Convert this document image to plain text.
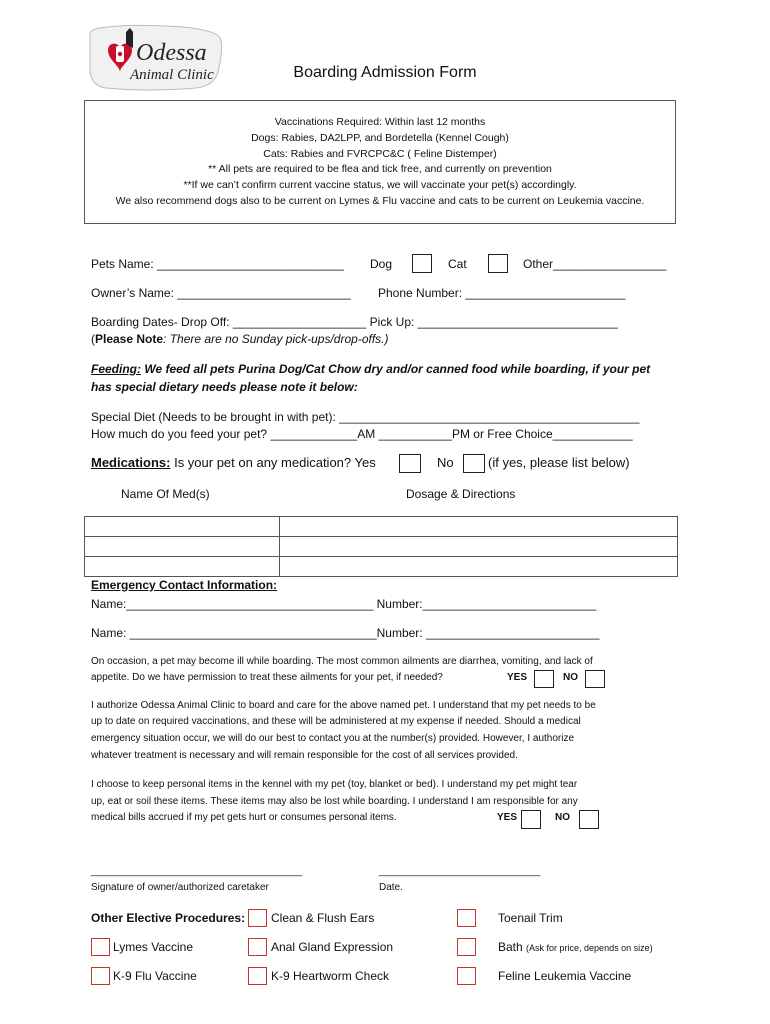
Odessa
Animal Clinic	Boarding Admission Form
Vaccinations Required: Within last 12 months
Dogs: Rabies, DA2LPP, and Bordetella (Kennel Cough)
Cats: Rabies and FVRCPC&C ( Feline Distemper)
** All pets are required to be flea and tick free, and currently on prevention
**If we can’t confirm current vaccine status, we will vaccinate your pet(s) accordingly.
We also recommend dogs also to be current on Lymes & Flu vaccine and cats to be current on Leukemia vaccine.
Pets Name: ____________________________ Dog	Cat	Other_________________
Owner’s Name: __________________________ Phone Number: ________________________
Boarding Dates- Drop Off: ____________________ Pick Up: ______________________________
(Please Note: There are no Sunday pick-ups/drop-offs.)
Feeding: We feed all pets Purina Dog/Cat Chow dry and/or canned food while boarding, if your pet
has special dietary needs please note it below:
Special Diet (Needs to be brought in with pet): _____________________________________________
How much do you feed your pet? _____________AM ___________PM or Free Choice____________
Medications: Is your pet on any medication? Yes	No	(if yes, please list below)
Name Of Med(s)	Dosage & Directions

Emergency Contact Information:
Name:_____________________________________ Number:__________________________
Name: _____________________________________Number: __________________________
On occasion, a pet may become ill while boarding. The most common ailments are diarrhea, vomiting, and lack of
appetite. Do we have permission to treat these ailments for your pet, if needed?	YES	NO
I authorize Odessa Animal Clinic to board and care for the above named pet. I understand that my pet needs to be
up to date on required vaccinations, and these will be administered at my expense if needed. Should a medical
emergency situation occur, we will do our best to contact you at the number(s) provided. However, I authorize
whatever treatment is necessary and will remain responsible for the cost of all services provided.
I choose to keep personal items in the kennel with my pet (toy, blanket or bed). I understand my pet might tear
up, eat or soil these items. These items may also be lost while boarding. I understand I am responsible for any
medical bills accrued if my pet gets hurt or consumes personal items.	YES	NO
______________________________________	_____________________________
Signature of owner/authorized caretaker	Date.
Other Elective Procedures: Clean & Flush Ears	Toenail Trim
Lymes Vaccine	Anal Gland Expression	Bath (Ask for price, depends on size)
K-9 Flu Vaccine	K-9 Heartworm Check	Feline Leukemia Vaccine
